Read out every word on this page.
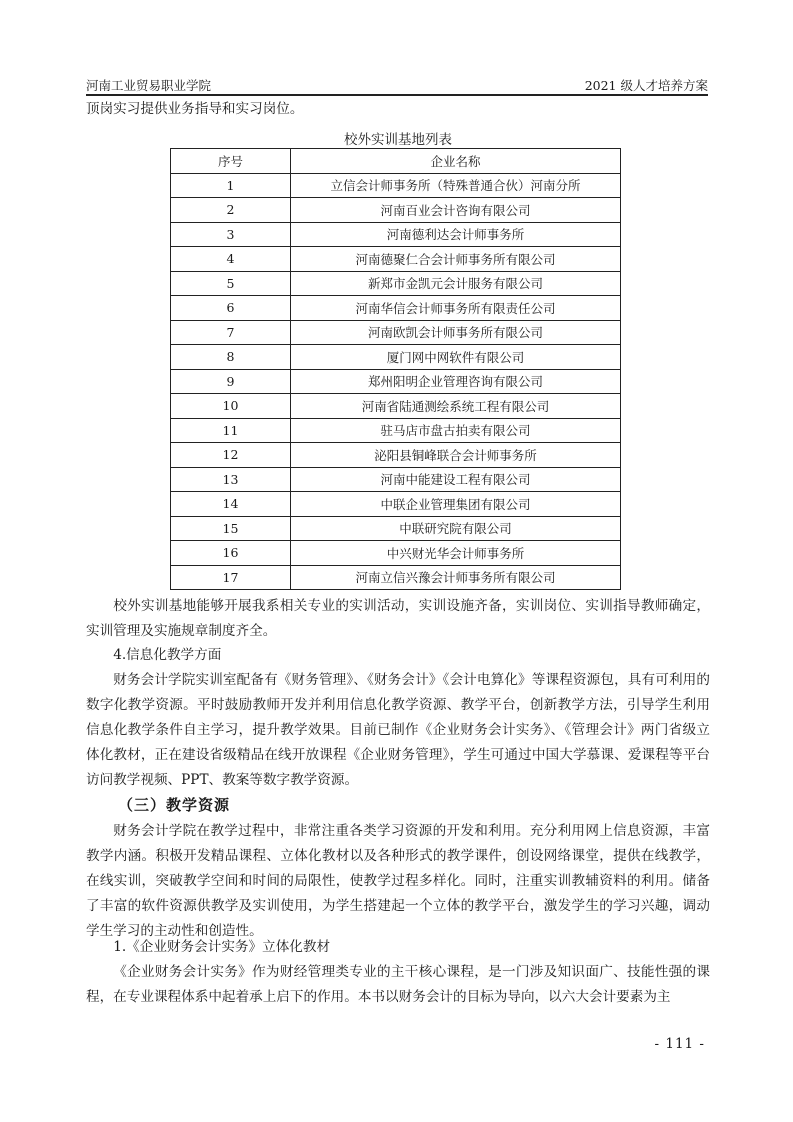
河南工业贸易职业学院	2021 级人才培养方案

顶岗实习提供业务指导和实习岗位。

校外实训基地列表
序号	企业名称
1	立信会计师事务所（特殊普通合伙）河南分所
2	河南百业会计咨询有限公司
3	河南德利达会计师事务所
4	河南德聚仁合会计师事务所有限公司
5	新郑市金凯元会计服务有限公司
6	河南华信会计师事务所有限责任公司
7	河南欧凯会计师事务所有限公司
8	厦门网中网软件有限公司
9	郑州阳明企业管理咨询有限公司
10	河南省陆通测绘系统工程有限公司
11	驻马店市盘古拍卖有限公司
12	泌阳县铜峰联合会计师事务所
13	河南中能建设工程有限公司
14	中联企业管理集团有限公司
15	中联研究院有限公司
16	中兴财光华会计师事务所
17	河南立信兴豫会计师事务所有限公司

校外实训基地能够开展我系相关专业的实训活动，实训设施齐备，实训岗位、实训指导教师确定，实训管理及实施规章制度齐全。

4.信息化教学方面

财务会计学院实训室配备有《财务管理》、《财务会计》《会计电算化》等课程资源包，具有可利用的数字化教学资源。平时鼓励教师开发并利用信息化教学资源、教学平台，创新教学方法，引导学生利用信息化教学条件自主学习，提升教学效果。目前已制作《企业财务会计实务》、《管理会计》两门省级立体化教材，正在建设省级精品在线开放课程《企业财务管理》，学生可通过中国大学慕课、爱课程等平台访问教学视频、PPT、教案等数字教学资源。

（三）教学资源

财务会计学院在教学过程中，非常注重各类学习资源的开发和利用。充分利用网上信息资源，丰富教学内涵。积极开发精品课程、立体化教材以及各种形式的教学课件，创设网络课堂，提供在线教学，在线实训，突破教学空间和时间的局限性，使教学过程多样化。同时，注重实训教辅资料的利用。储备了丰富的软件资源供教学及实训使用，为学生搭建起一个立体的教学平台，激发学生的学习兴趣，调动学生学习的主动性和创造性。

1.《企业财务会计实务》立体化教材

《企业财务会计实务》作为财经管理类专业的主干核心课程，是一门涉及知识面广、技能性强的课程，在专业课程体系中起着承上启下的作用。本书以财务会计的目标为导向，以六大会计要素为主

- 111 -
